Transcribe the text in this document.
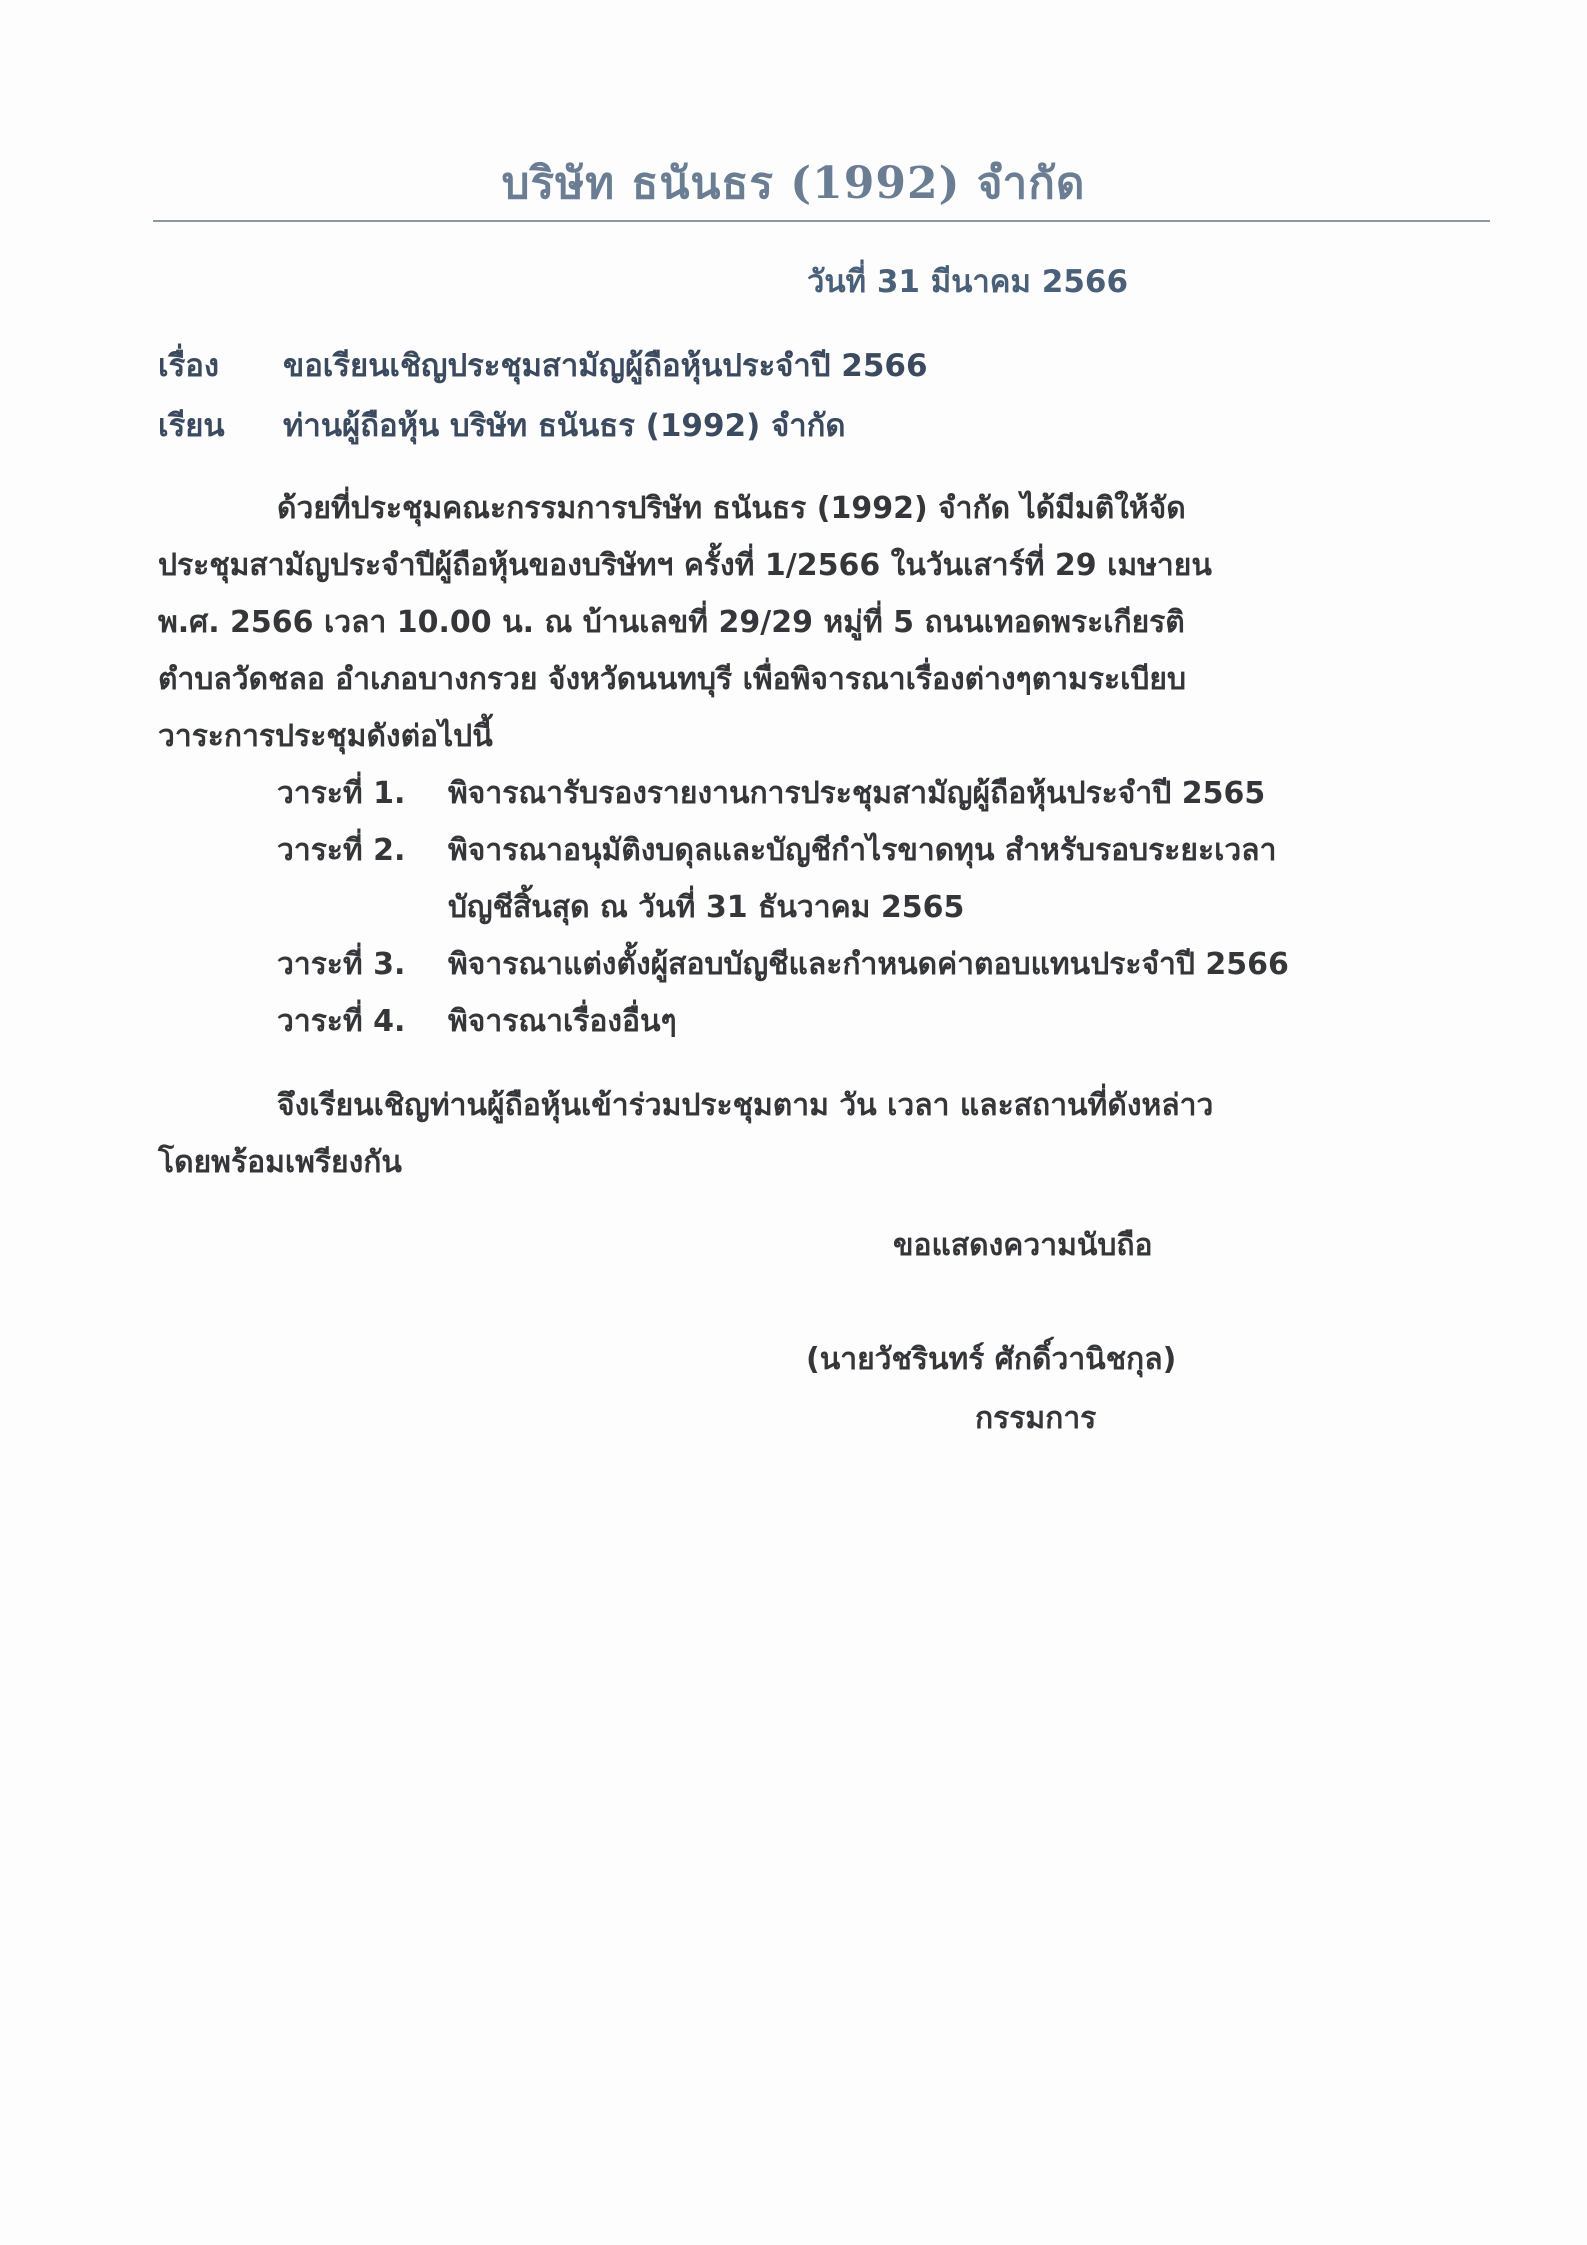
บริษัท ธนันธร (1992) จำกัด
วันที่ 31 มีนาคม 2566
เรื่อง ขอเรียนเชิญประชุมสามัญผู้ถือหุ้นประจำปี 2566
เรียน ท่านผู้ถือหุ้น บริษัท ธนันธร (1992) จำกัด
ด้วยที่ประชุมคณะกรรมการปริษัท ธนันธร (1992) จำกัด ได้มีมติให้จัด
ประชุมสามัญประจำปีผู้ถือหุ้นของบริษัทฯ ครั้งที่ 1/2566 ในวันเสาร์ที่ 29 เมษายน
พ.ศ. 2566 เวลา 10.00 น. ณ บ้านเลขที่ 29/29 หมู่ที่ 5 ถนนเทอดพระเกียรติ
ตำบลวัดชลอ อำเภอบางกรวย จังหวัดนนทบุรี เพื่อพิจารณาเรื่องต่างๆตามระเบียบ
วาระการประชุมดังต่อไปนี้
วาระที่ 1. พิจารณารับรองรายงานการประชุมสามัญผู้ถือหุ้นประจำปี 2565
วาระที่ 2. พิจารณาอนุมัติงบดุลและบัญชีกำไรขาดทุน สำหรับรอบระยะเวลา
บัญชีสิ้นสุด ณ วันที่ 31 ธันวาคม 2565
วาระที่ 3. พิจารณาแต่งตั้งผู้สอบบัญชีและกำหนดค่าตอบแทนประจำปี 2566
วาระที่ 4. พิจารณาเรื่องอื่นๆ
จึงเรียนเชิญท่านผู้ถือหุ้นเข้าร่วมประชุมตาม วัน เวลา และสถานที่ดังหล่าว
โดยพร้อมเพรียงกัน
ขอแสดงความนับถือ
(นายวัชรินทร์ ศักดิ์วานิชกุล)
กรรมการ
